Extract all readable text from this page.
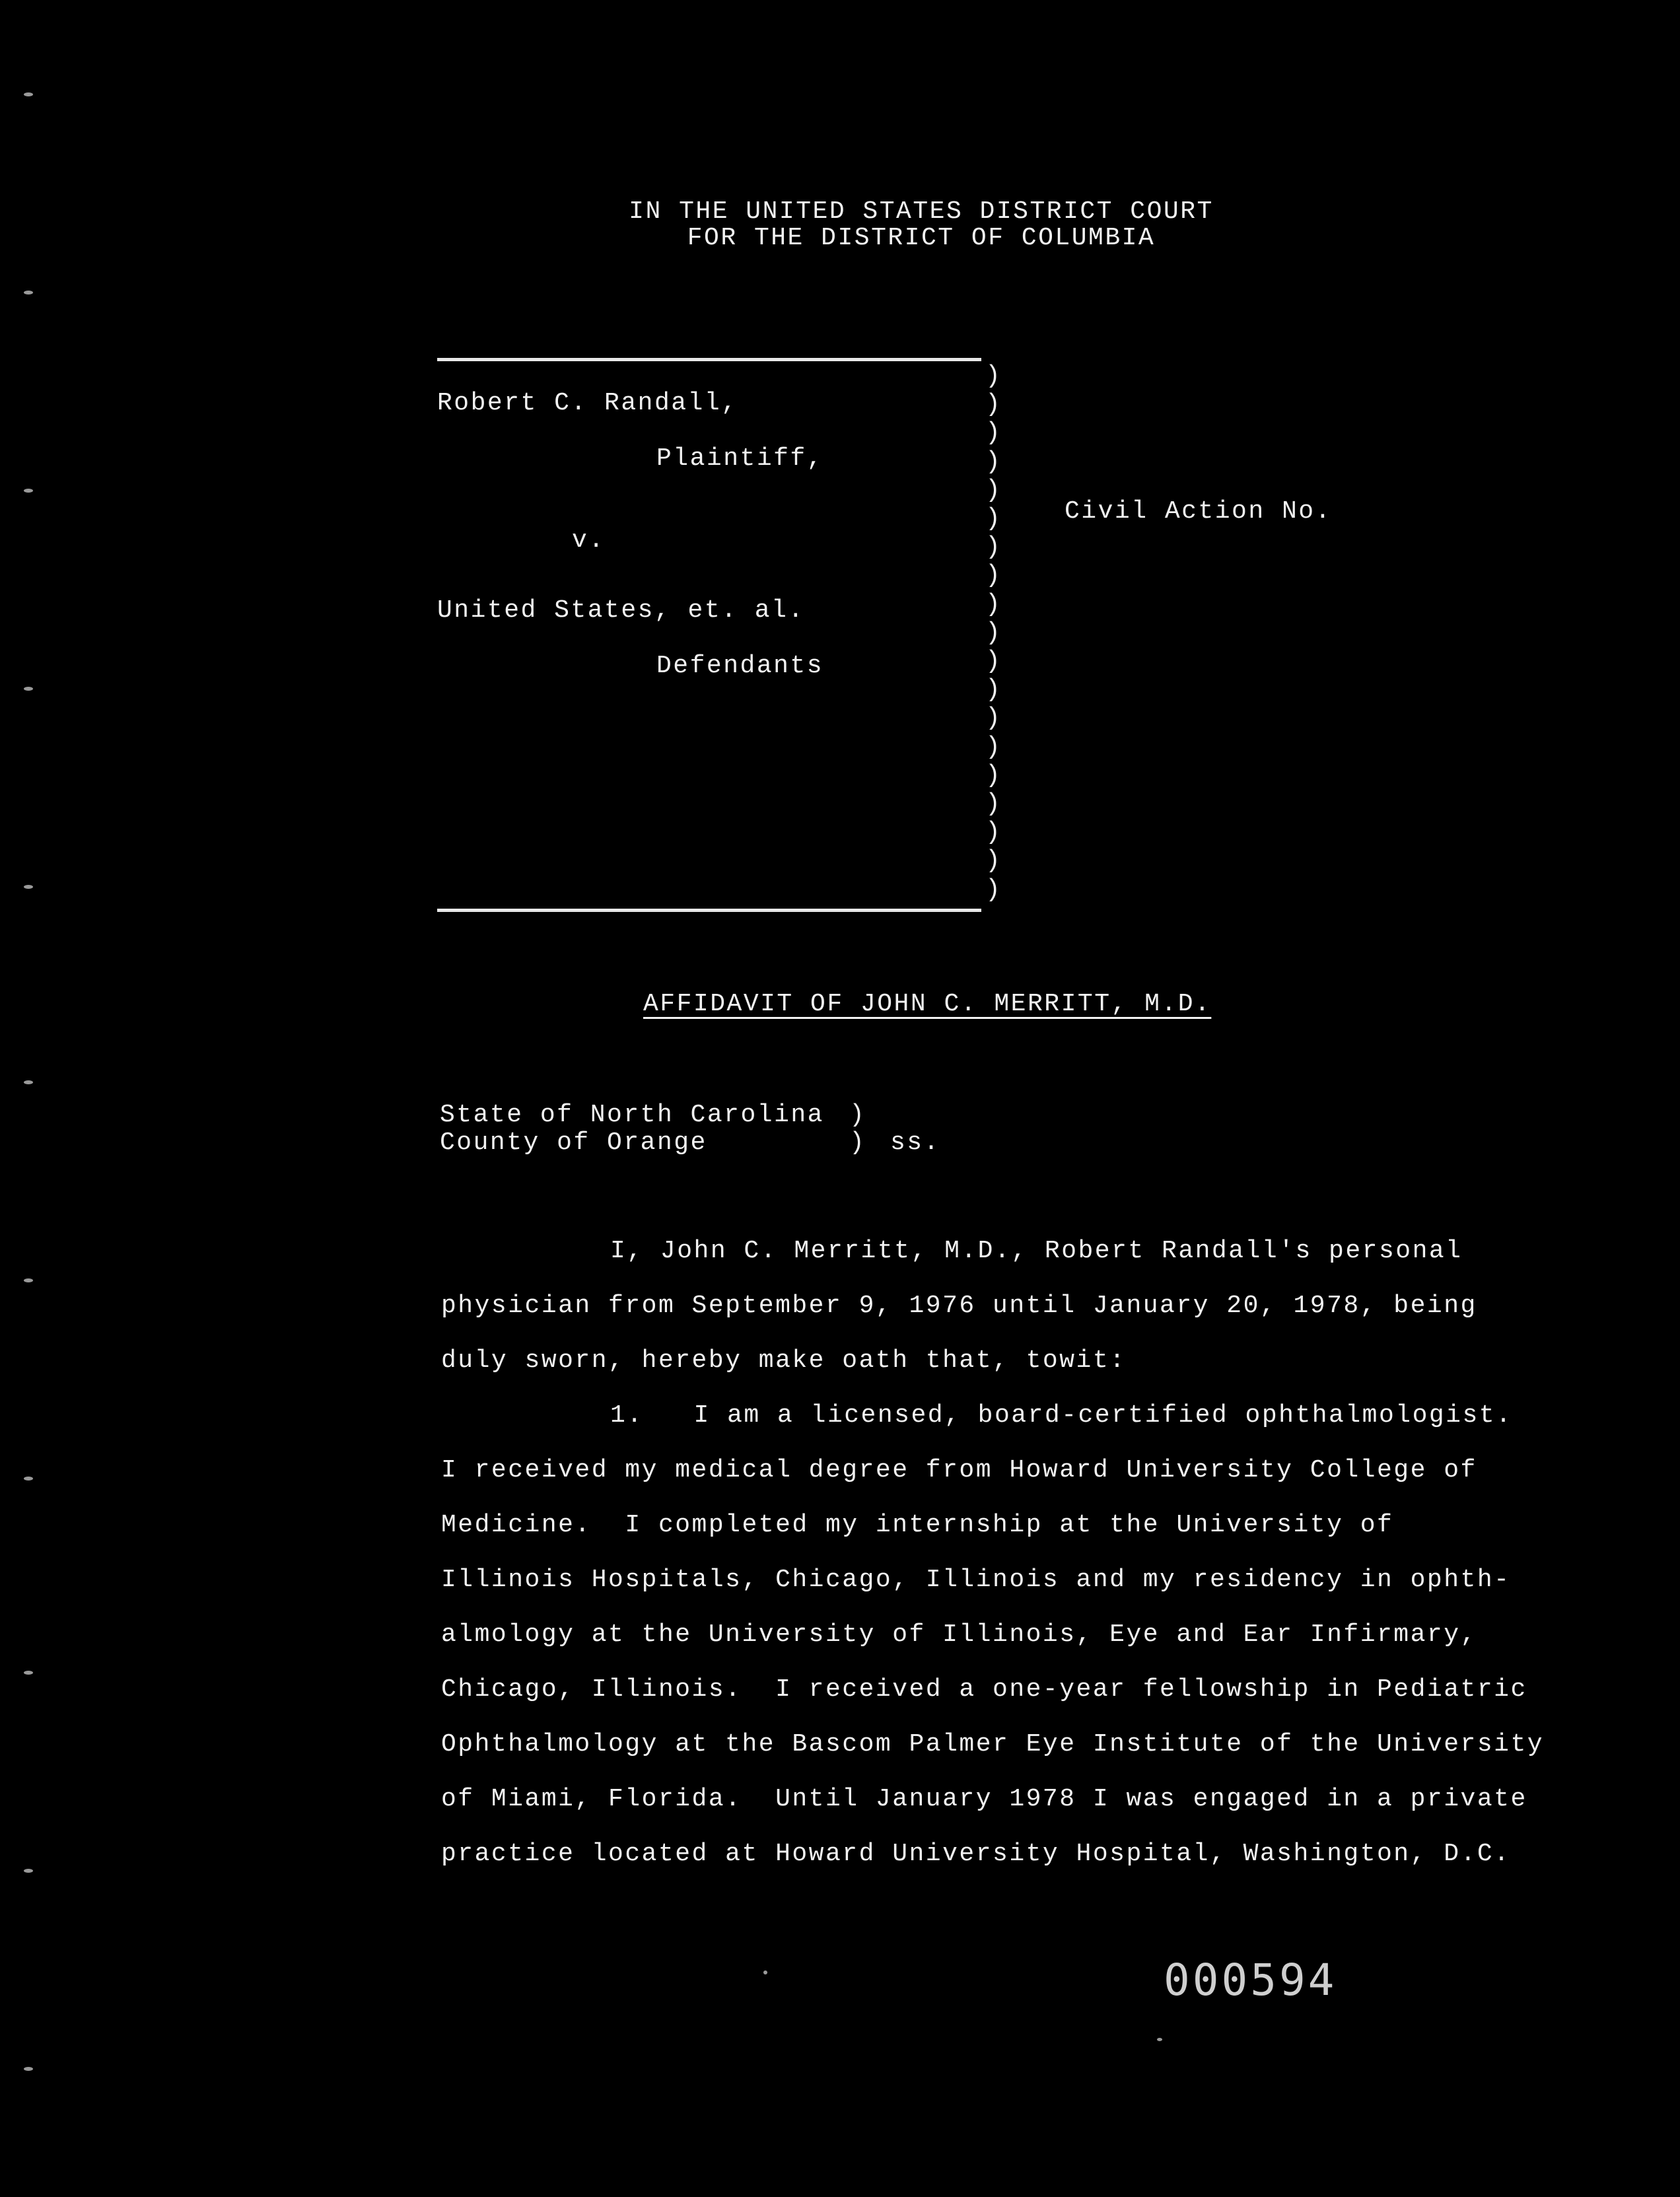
IN THE UNITED STATES DISTRICT COURT
FOR THE DISTRICT OF COLUMBIA
Robert C. Randall,
Plaintiff,
v.
United States, et. al.
Defendants
)
)
)
)
)
)
)
)
)
)
)
)
)
)
)
)
)
)
)
Civil Action No.
AFFIDAVIT OF JOHN C. MERRITT, M.D.
State of North Carolina )
County of Orange	) ss.
I, John C. Merritt, M.D., Robert Randall's personal
physician from September 9, 1976 until January 20, 1978, being
duly sworn, hereby make oath that, towit:
1.   I am a licensed, board-certified ophthalmologist.
I received my medical degree from Howard University College of
Medicine.  I completed my internship at the University of
Illinois Hospitals, Chicago, Illinois and my residency in ophth-
almology at the University of Illinois, Eye and Ear Infirmary,
Chicago, Illinois.  I received a one-year fellowship in Pediatric
Ophthalmology at the Bascom Palmer Eye Institute of the University
of Miami, Florida.  Until January 1978 I was engaged in a private
practice located at Howard University Hospital, Washington, D.C.
000594
